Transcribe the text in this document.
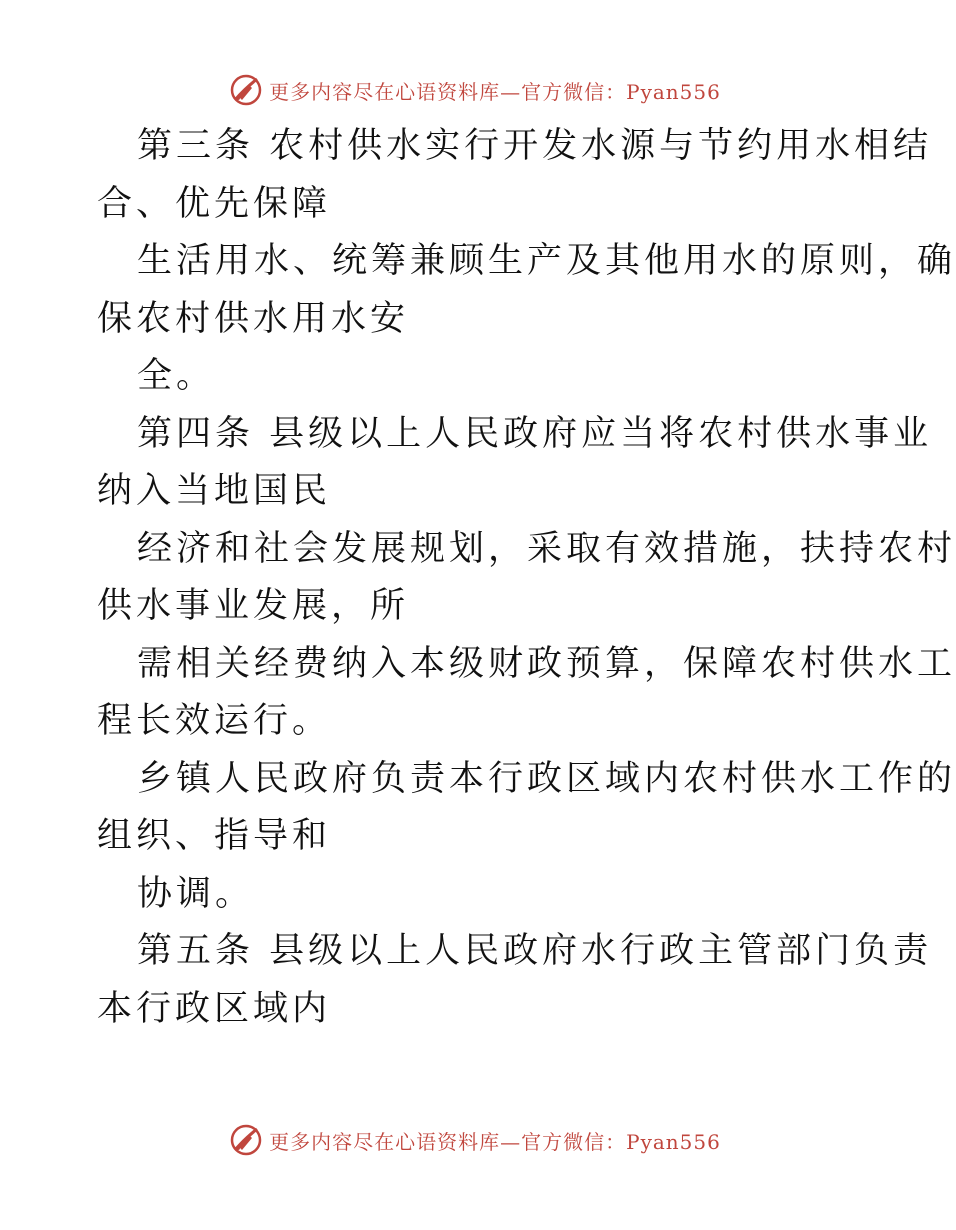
更多内容尽在心语资料库—官方微信：Pyan556
第三条 农村供水实行开发水源与节约用水相结
合、优先保障
生活用水、统筹兼顾生产及其他用水的原则，确
保农村供水用水安
全。
第四条 县级以上人民政府应当将农村供水事业
纳入当地国民
经济和社会发展规划，采取有效措施，扶持农村
供水事业发展，所
需相关经费纳入本级财政预算，保障农村供水工
程长效运行。
乡镇人民政府负责本行政区域内农村供水工作的
组织、指导和
协调。
第五条 县级以上人民政府水行政主管部门负责
本行政区域内
更多内容尽在心语资料库—官方微信：Pyan556
